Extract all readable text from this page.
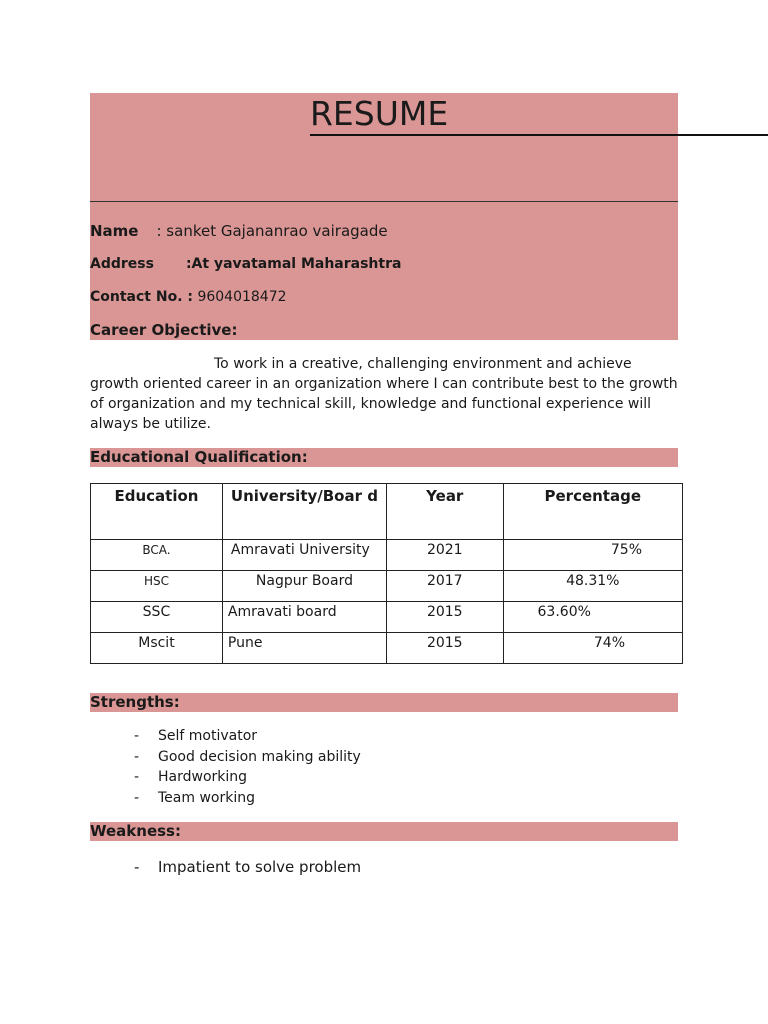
RESUME
Name : sanket Gajananrao vairagade
Address :At yavatamal Maharashtra
Contact No. : 9604018472
Career Objective:
To work in a creative, challenging environment and achieve
growth oriented career in an organization where I can contribute best to the growth of organization and my technical skill, knowledge and functional experience will always be utilize.
Educational Qualification:
Education	University/Boar d	Year	Percentage
BCA.	Amravati University	2021	75%
HSC	Nagpur Board	2017	48.31%
SSC	Amravati board	2015	63.60%
Mscit	Pune	2015	74%
Strengths:
- Self motivator
- Good decision making ability
- Hardworking
- Team working
Weakness:
- Impatient to solve problem
